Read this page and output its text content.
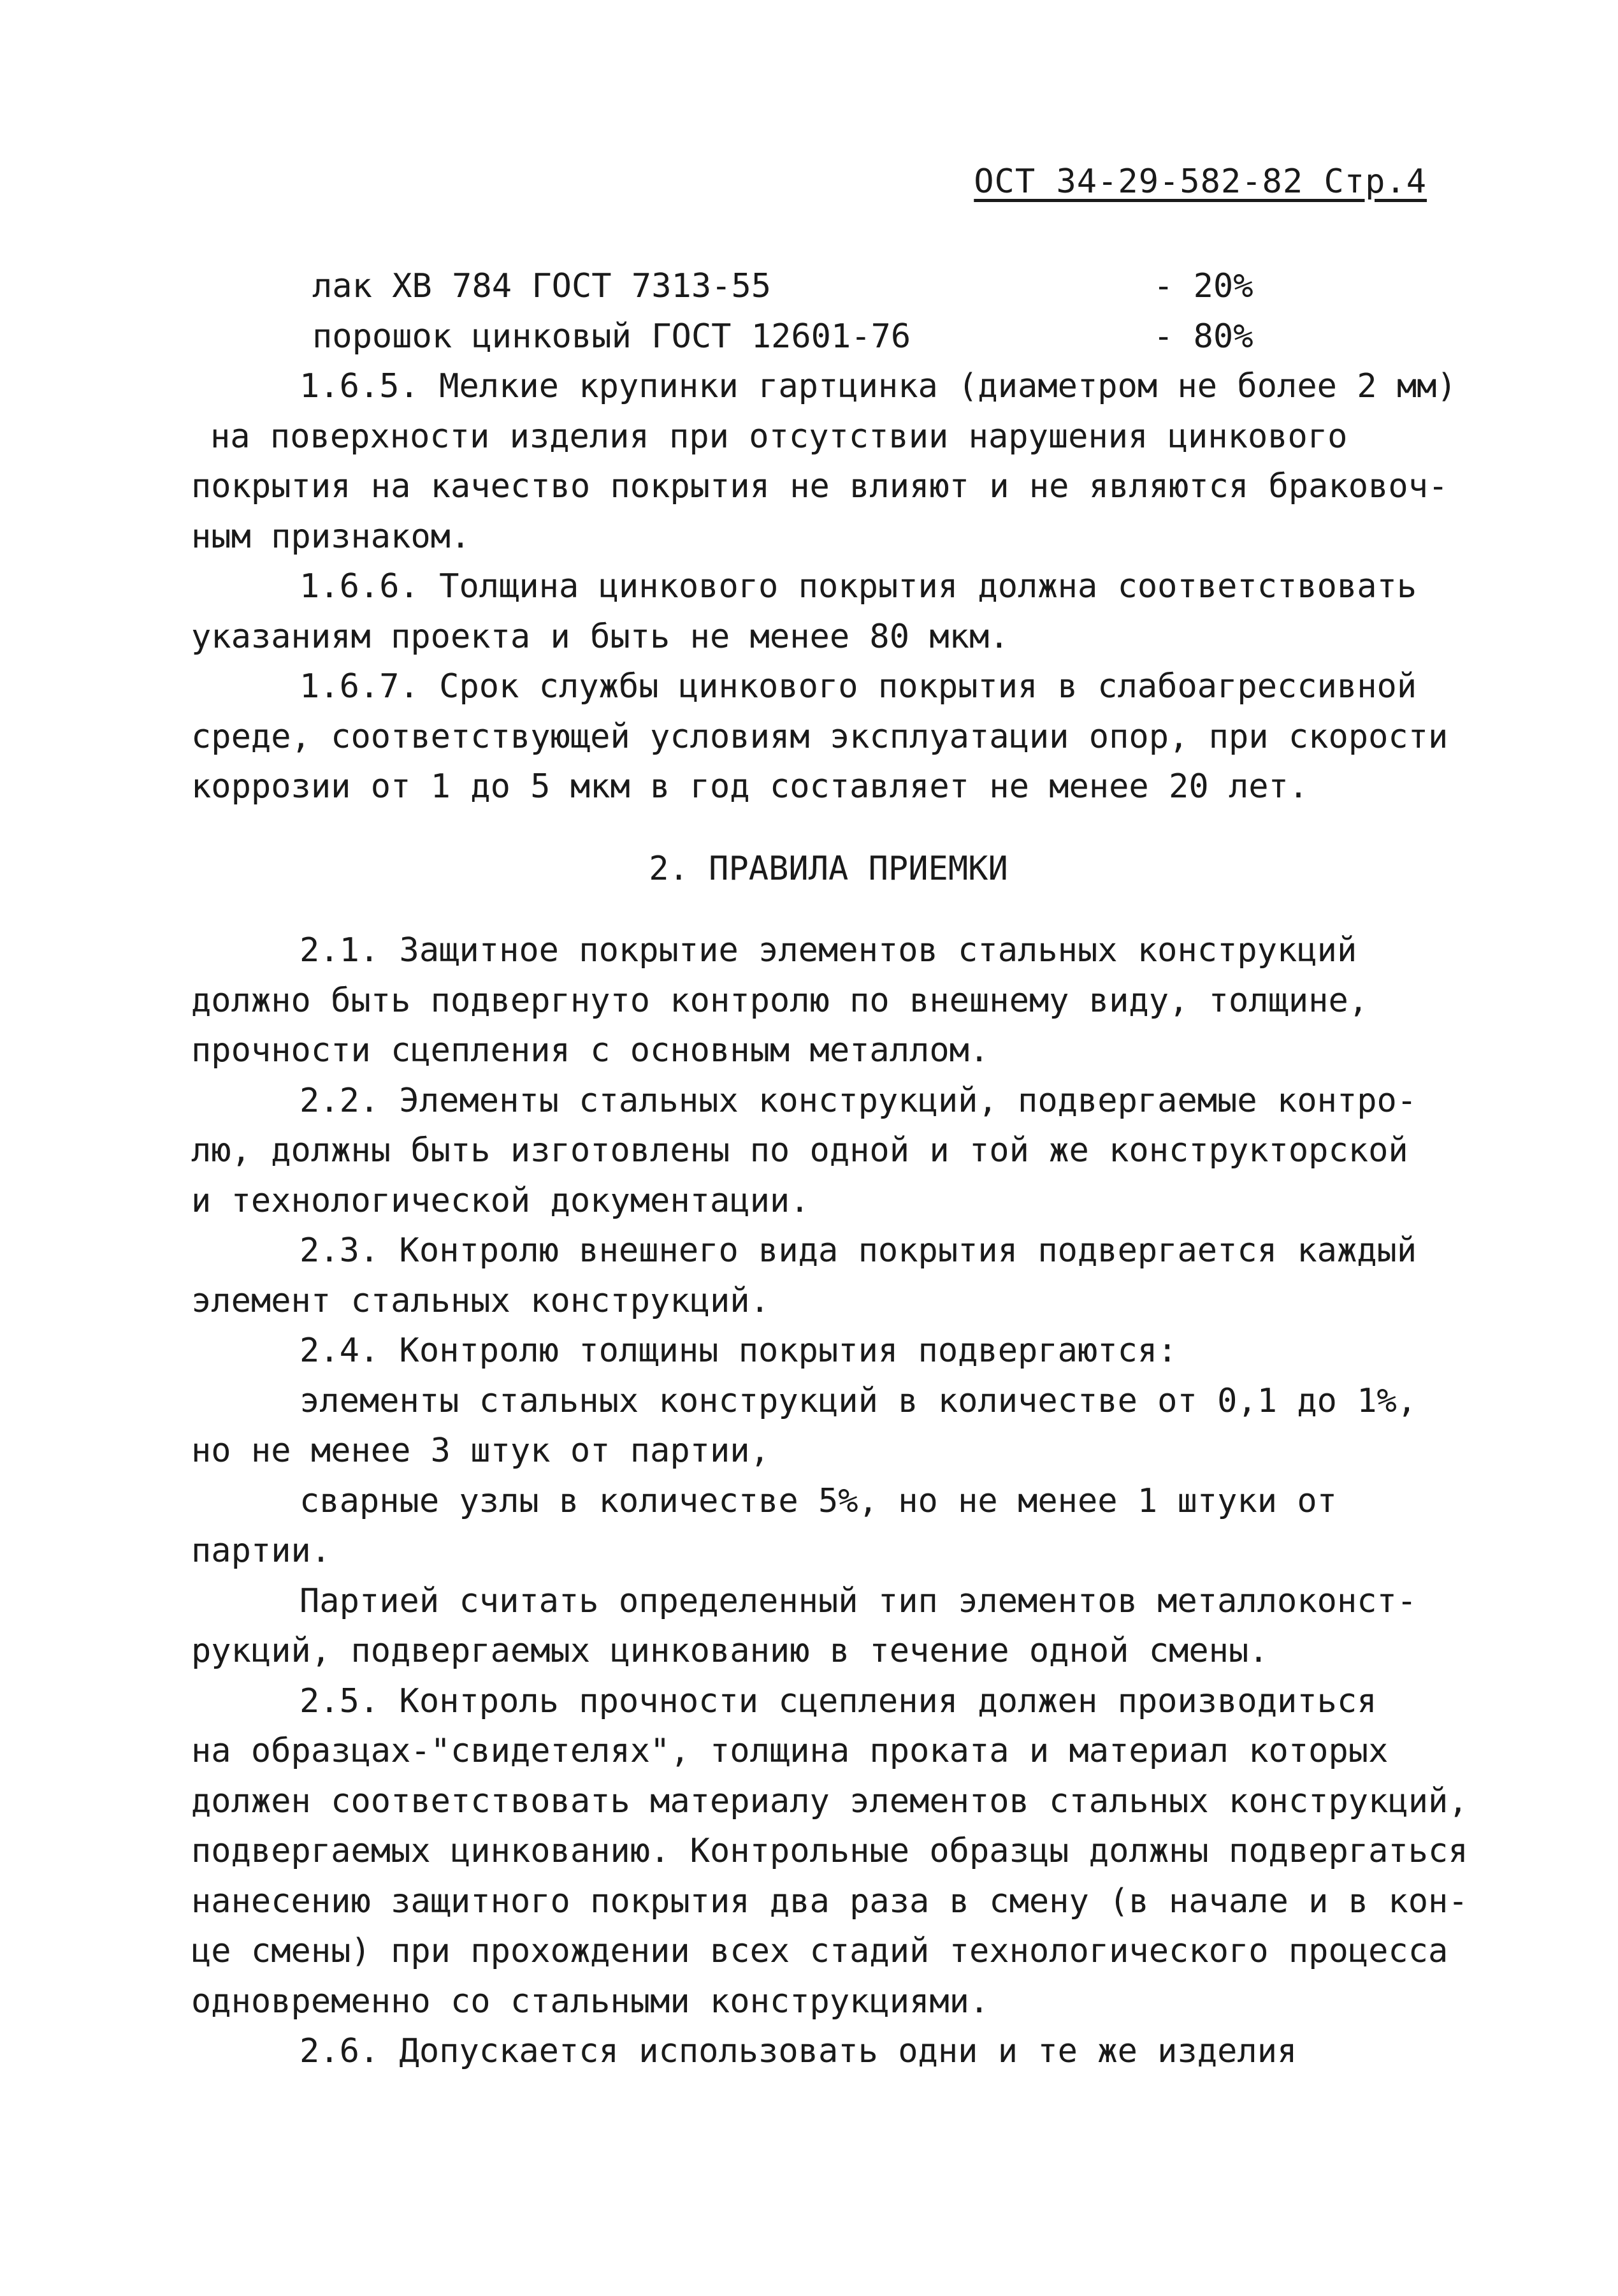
ОСТ 34-29-582-82 Стр.4
лак ХВ 784 ГОСТ 7313-55	- 20%
порошок цинковый ГОСТ 12601-76	- 80%
1.6.5. Мелкие крупинки гартцинка (диаметром не более 2 мм)
на поверхности изделия при отсутствии нарушения цинкового
покрытия на качество покрытия не влияют и не являются браковоч-
ным признаком.
1.6.6. Толщина цинкового покрытия должна соответствовать
указаниям проекта и быть не менее 80 мкм.
1.6.7. Срок службы цинкового покрытия в слабоагрессивной
среде, соответствующей условиям эксплуатации опор, при скорости
коррозии от 1 до 5 мкм в год составляет не менее 20 лет.
2. ПРАВИЛА ПРИЕМКИ
2.1. Защитное покрытие элементов стальных конструкций
должно быть подвергнуто контролю по внешнему виду, толщине,
прочности сцепления с основным металлом.
2.2. Элементы стальных конструкций, подвергаемые контро-
лю, должны быть изготовлены по одной и той же конструкторской
и технологической документации.
2.3. Контролю внешнего вида покрытия подвергается каждый
элемент стальных конструкций.
2.4. Контролю толщины покрытия подвергаются:
элементы стальных конструкций в количестве от 0,1 до 1%,
но не менее 3 штук от партии,
сварные узлы в количестве 5%, но не менее 1 штуки от
партии.
Партией считать определенный тип элементов металлоконст-
рукций, подвергаемых цинкованию в течение одной смены.
2.5. Контроль прочности сцепления должен производиться
на образцах-"свидетелях", толщина проката и материал которых
должен соответствовать материалу элементов стальных конструкций,
подвергаемых цинкованию. Контрольные образцы должны подвергаться
нанесению защитного покрытия два раза в смену (в начале и в кон-
це смены) при прохождении всех стадий технологического процесса
одновременно со стальными конструкциями.
2.6. Допускается использовать одни и те же изделия
